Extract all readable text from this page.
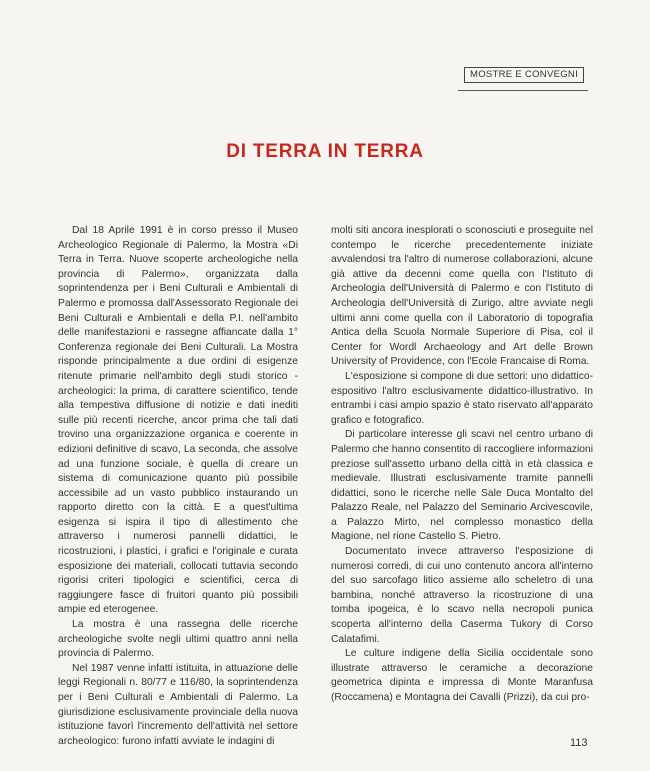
MOSTRE E CONVEGNI
DI TERRA IN TERRA

Dal 18 Aprile 1991 è in corso presso il Museo Archeologico Regionale di Palermo, la Mostra «Di Terra in Terra. Nuove scoperte archeologiche nella provincia di Palermo», organizzata dalla soprintendenza per i Beni Culturali e Ambientali di Palermo e promossa dall'Assessorato Regionale dei Beni Culturali e Ambientali e della P.I. nell'ambito delle manifestazioni e rassegne affiancate dalla 1° Conferenza regionale dei Beni Culturali. La Mostra risponde principalmente a due ordini di esigenze ritenute primarie nell'ambito degli studi storico - archeologici: la prima, di carattere scientifico, tende alla tempestiva diffusione di notizie e dati inediti sulle più recenti ricerche, ancor prima che tali dati trovino una organizzazione organica e coerente in edizioni definitive di scavo, La seconda, che assolve ad una funzione sociale, è quella di creare un sistema di comunicazione quanto più possibile accessibile ad un vasto pubblico instaurando un rapporto diretto con la città. E a quest'ultima esigenza si ispira il tipo di allestimento che attraverso i numerosi pannelli didattici, le ricostruzioni, i plastici, i grafici e l'originale e curata esposizione dei materiali, collocati tuttavia secondo rigorisi criteri tipologici e scientifici, cerca di raggiungere fasce di fruitori quanto più possibili ampie ed eterogenee.

La mostra è una rassegna delle ricerche archeologiche svolte negli ultimi quattro anni nella provincia di Palermo.

Nel 1987 venne infatti istituita, in attuazione delle leggi Regionali n. 80/77 e 116/80, la soprintendenza per i Beni Culturali e Ambientali di Palermo. La giurisdizione esclusivamente provinciale della nuova istituzione favorì l'incremento dell'attività nel settore archeologico: furono infatti avviate le indagini di

molti siti ancora inesplorati o sconosciuti e proseguite nel contempo le ricerche precedentemente iniziate avvalendosi tra l'altro di numerose collaborazioni, alcune già attive da decenni come quella con l'Istituto di Archeologia dell'Università di Palermo e con l'Istituto di Archeologia dell'Università di Zurigo, altre avviate negli ultimi anni come quella con il Laboratorio di topografia Antica della Scuola Normale Superiore di Pisa, col il Center for Wordl Archaeology and Art delle Brown University of Providence, con l'Ecole Francaise di Roma.

L'esposizione si compone di due settori: uno didattico-espositivo l'altro esclusivamente didattico-illustrativo. In entrambi i casi ampio spazio è stato riservato all'apparato grafico e fotografico.

Di particolare interesse gli scavi nel centro urbano di Palermo che hanno consentito di raccogliere informazioni preziose sull'assetto urbano della città in età classica e medievale. Illustrati esclusivamente tramite pannelli didattici, sono le ricerche nelle Sale Duca Montalto del Palazzo Reale, nel Palazzo del Seminario Arcivescovile, a Palazzo Mirto, nel complesso monastico della Magione, nel rione Castello S. Pietro.

Documentato invece attraverso l'esposizione di numerosi corredi, di cui uno contenuto ancora all'interno del suo sarcofago litico assieme allo scheletro di una bambina, nonché attraverso la ricostruzione di una tomba ipogeica, è lo scavo nella necropoli punica scoperta all'interno della Caserma Tukory di Corso Calatafimi.

Le culture indigene della Sicilia occidentale sono illustrate attraverso le ceramiche a decorazione geometrica dipinta e impressa di Monte Maranfusa (Roccamena) e Montagna dei Cavalli (Prizzi), da cui pro-

113
